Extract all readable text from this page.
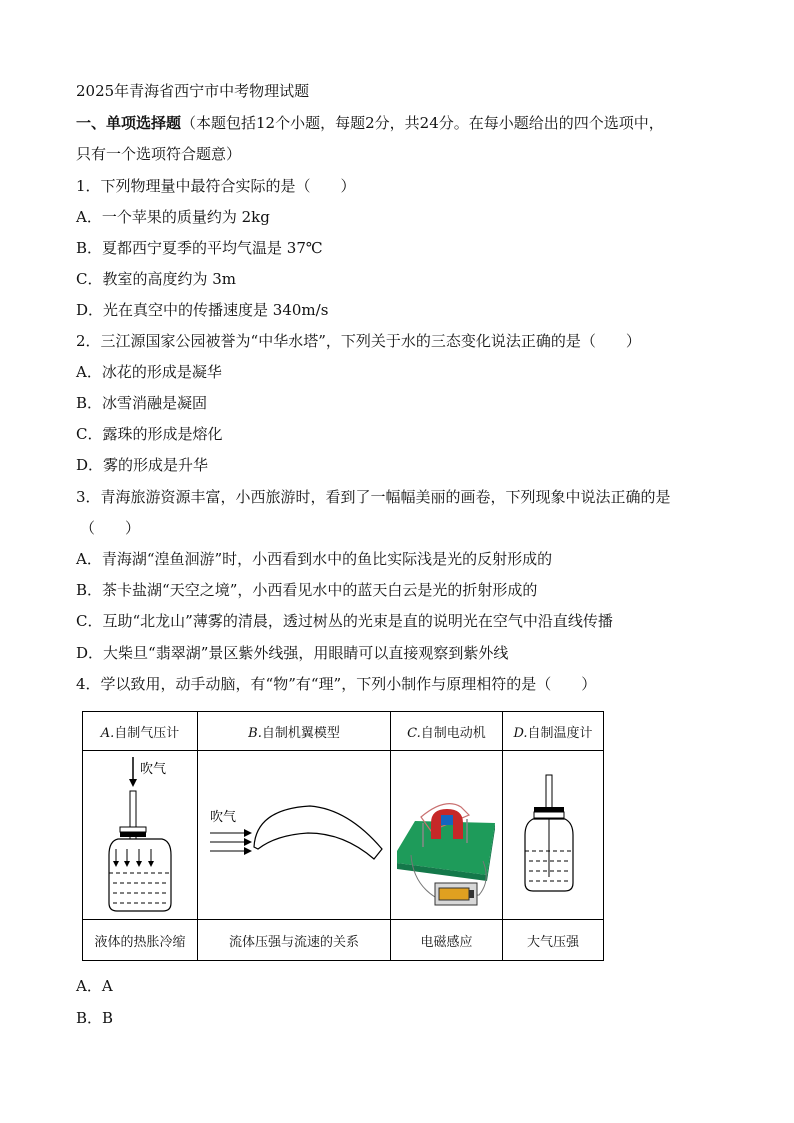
2025年青海省西宁市中考物理试题
一、单项选择题（本题包括12个小题，每题2分，共24分。在每小题给出的四个选项中，
只有一个选项符合题意）
1．下列物理量中最符合实际的是（　　）
A．一个苹果的质量约为 2kg
B．夏都西宁夏季的平均气温是 37℃
C．教室的高度约为 3m
D．光在真空中的传播速度是 340m/s
2．三江源国家公园被誉为“中华水塔”，下列关于水的三态变化说法正确的是（　　）
A．冰花的形成是凝华
B．冰雪消融是凝固
C．露珠的形成是熔化
D．雾的形成是升华
3．青海旅游资源丰富，小西旅游时，看到了一幅幅美丽的画卷，下列现象中说法正确的是
（　　）
A．青海湖“湟鱼洄游”时，小西看到水中的鱼比实际浅是光的反射形成的
B．茶卡盐湖“天空之境”，小西看见水中的蓝天白云是光的折射形成的
C．互助“北龙山”薄雾的清晨，透过树丛的光束是直的说明光在空气中沿直线传播
D．大柴旦“翡翠湖”景区紫外线强，用眼睛可以直接观察到紫外线
4．学以致用，动手动脑，有“物”有“理”，下列小制作与原理相符的是（　　）
A.自制气压计	B.自制机翼模型	C.自制电动机	D.自制温度计

吹气	吹气

液体的热胀冷缩	流体压强与流速的关系	电磁感应	大气压强
A．A
B．B
